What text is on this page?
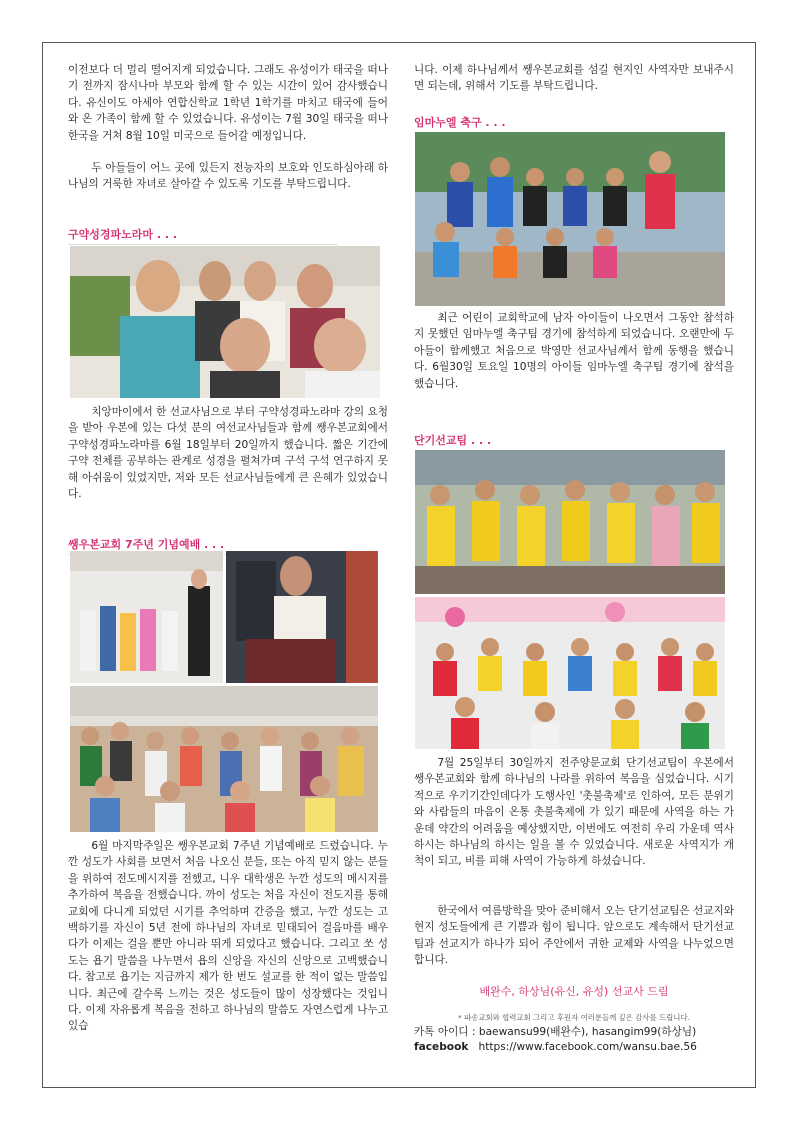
이전보다 더 멀리 떨어지게 되었습니다. 그래도 유성이가 태국을 떠나기 전까지 잠시나마 부모와 함께 할 수 있는 시간이 있어 감사했습니다. 유신이도 아세아 연합신학교 1학년 1학기를 마치고 태국에 들어와 온 가족이 함께 할 수 있었습니다. 유성이는 7월 30일 태국을 떠나 한국을 거쳐 8월 10일 미국으로 들어갈 예정입니다.

두 아들들이 어느 곳에 있든지 전능자의 보호와 인도하심아래 하나님의 거룩한 자녀로 살아갈 수 있도록 기도를 부탁드립니다.

구약성경파노라마 . . .

치앙마이에서 한 선교사님으로 부터 구약성경파노라마 강의 요청을 받아 우본에 있는 다섯 분의 여선교사님들과 함께 쌩우본교회에서 구약성경파노라마를 6월 18일부터 20일까지 했습니다. 짧은 기간에 구약 전체를 공부하는 관계로 성경을 펼쳐가며 구석 구석 연구하지 못해 아쉬움이 있었지만, 저와 모든 선교사님들에게 큰 은혜가 있었습니다.

쌩우본교회 7주년 기념예배 . . .

6월 마지막주일은 쌩우본교회 7주년 기념예배로 드렸습니다. 누깐 성도가 사회를 보면서 처음 나오신 분들, 또는 아직 믿지 않는 분들을 위하여 전도메시지를 전했고, 니우 대학생은 누깐 성도의 메시지를 추가하여 복음을 전했습니다. 까이 성도는 처음 자신이 전도지를 통해 교회에 다니게 되었던 시기를 추억하며 간증을 했고, 누깐 성도는 고백하기를 자신이 5년 전에 하나님의 자녀로 믿태되어 걸음마를 배우다가 이제는 걸을 뿐만 아니라 뛰게 되었다고 했습니다. 그리고 쏘 성도는 욥기 말씀을 나누면서 욥의 신앙을 자신의 신앙으로 고백했습니다. 참고로 욥기는 지금까지 제가 한 번도 설교를 한 적이 없는 말씀입니다. 최근에 갈수록 느끼는 것은 성도들이 많이 성장했다는 것입니다. 이제 자유롭게 복음을 전하고 하나님의 말씀도 자연스럽게 나누고 있습

니다. 이제 하나님께서 쌩우본교회를 섬길 현지인 사역자만 보내주시면 되는데, 위해서 기도를 부탁드립니다.

임마누엘 축구 . . .

최근 어린이 교회학교에 남자 아이들이 나오면서 그동안 참석하지 못했던 임마누엘 축구팀 경기에 참석하게 되었습니다. 오랜만에 두 아들이 함께했고 처음으로 박영만 선교사님께서 함께 동행을 했습니다. 6월30일 토요일 10명의 아이들 임마누엘 축구팀 경기에 참석을 했습니다.

단기선교팀 . . .

7월 25일부터 30일까지 전주양문교회 단기선교팀이 우본에서 쌩우본교회와 함께 하나님의 나라를 위하여 복음을 심었습니다. 시기적으로 우기기간인데다가 도행사인 '촛불축제'로 인하여, 모든 분위기와 사람들의 마음이 온통 촛불축제에 가 있기 때문에 사역을 하는 가운데 약간의 어려움을 예상했지만, 이번에도 여전히 우리 가운데 역사하시는 하나님의 하시는 일을 볼 수 있었습니다. 새로운 사역지가 개척이 되고, 비를 피해 사역이 가능하게 하셨습니다.

한국에서 여름방학을 맞아 준비해서 오는 단기선교팀은 선교지와 현지 성도들에게 큰 기쁨과 힘이 됩니다. 앞으로도 계속해서 단기선교팀과 선교지가 하나가 되어 주안에서 귀한 교제와 사역을 나누었으면 합니다.

배완수, 하상님(유신, 유성) 선교사 드림

* 파송교회와 협력교회 그리고 후원자 여러분들께 깊은 감사를 드립니다.

카톡 아이디 : baewansu99(배완수), hasangim99(하상님)
facebook https://www.facebook.com/wansu.bae.56
